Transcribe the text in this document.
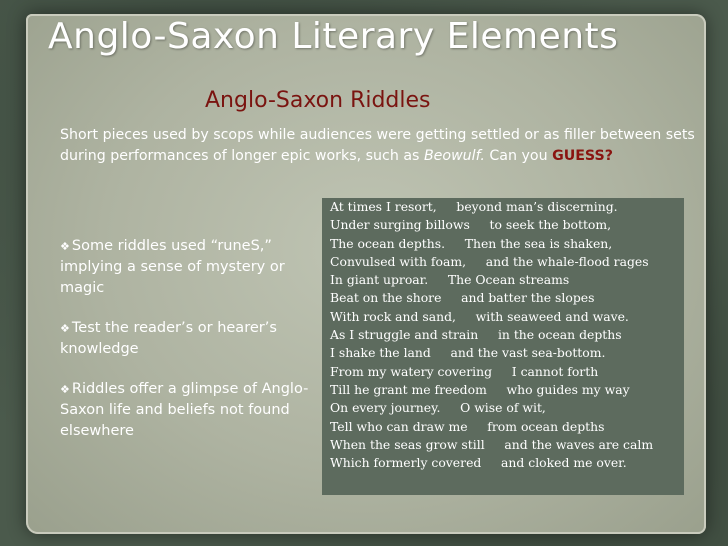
Anglo-Saxon Literary Elements
Anglo-Saxon Riddles

Short pieces used by scops while audiences were getting settled or as filler between sets during performances of longer epic works, such as Beowulf. Can you GUESS?

❖ Some riddles used “runeS,” implying a sense of mystery or magic

❖ Test the reader’s or hearer’s knowledge

❖ Riddles offer a glimpse of Anglo-Saxon life and beliefs not found elsewhere

At times I resort,     beyond man’s discerning.

Under surging billows     to seek the bottom,

The ocean depths.     Then the sea is shaken,

Convulsed with foam,     and the whale-flood rages

In giant uproar.     The Ocean streams

Beat on the shore     and batter the slopes

With rock and sand,     with seaweed and wave.

As I struggle and strain     in the ocean depths

I shake the land     and the vast sea-bottom.

From my watery covering     I cannot forth

Till he grant me freedom     who guides my way

On every journey.     O wise of wit,

Tell who can draw me     from ocean depths

When the seas grow still     and the waves are calm

Which formerly covered     and cloked me over.
